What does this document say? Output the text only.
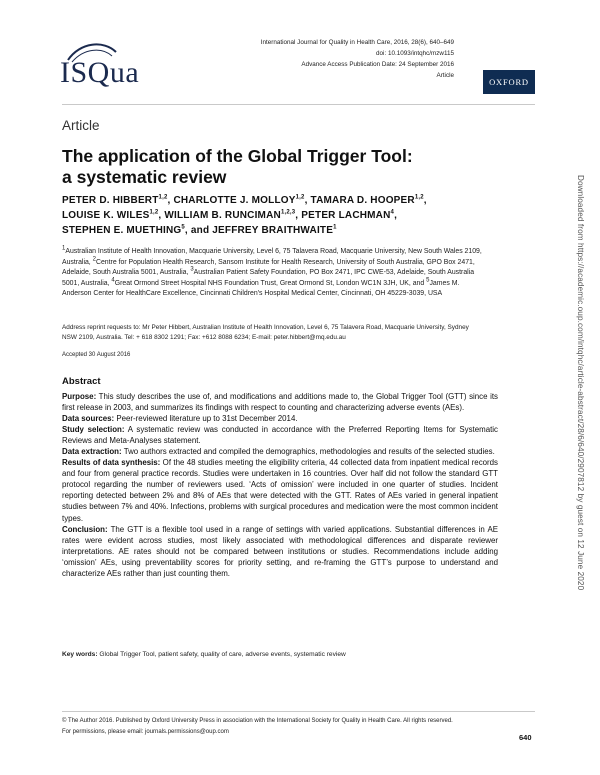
ISQua
International Journal for Quality in Health Care, 2016, 28(6), 640–649
doi: 10.1093/intqhc/mzw115
Advance Access Publication Date: 24 September 2016
Article
OXFORD
Article
The application of the Global Trigger Tool:
a systematic review
PETER D. HIBBERT$^{1,2}$, CHARLOTTE J. MOLLOY$^{1,2}$, TAMARA D. HOOPER$^{1,2}$,
LOUISE K. WILES$^{1,2}$, WILLIAM B. RUNCIMAN$^{1,2,3}$, PETER LACHMAN$^4$,
STEPHEN E. MUETHING$^5$, and JEFFREY BRAITHWAITE$^1$
$^1$Australian Institute of Health Innovation, Macquarie University, Level 6, 75 Talavera Road, Macquarie University, New South Wales 2109, Australia, $^2$Centre for Population Health Research, Sansom Institute for Health Research, University of South Australia, GPO Box 2471, Adelaide, South Australia 5001, Australia, $^3$Australian Patient Safety Foundation, PO Box 2471, IPC CWE-53, Adelaide, South Australia 5001, Australia, $^4$Great Ormond Street Hospital NHS Foundation Trust, Great Ormond St, London WC1N 3JH, UK, and $^5$James M. Anderson Center for HealthCare Excellence, Cincinnati Children's Hospital Medical Center, Cincinnati, OH 45229-3039, USA
Address reprint requests to: Mr Peter Hibbert, Australian Institute of Health Innovation, Level 6, 75 Talavera Road, Macquarie University, Sydney NSW 2109, Australia. Tel: + 618 8302 1291; Fax: +612 8088 6234; E-mail: peter.hibbert@mq.edu.au
Accepted 30 August 2016
Abstract

Purpose: This study describes the use of, and modifications and additions made to, the Global Trigger Tool (GTT) since its first release in 2003, and summarizes its findings with respect to counting and characterizing adverse events (AEs).

Data sources: Peer-reviewed literature up to 31st December 2014.

Study selection: A systematic review was conducted in accordance with the Preferred Reporting Items for Systematic Reviews and Meta-Analyses statement.

Data extraction: Two authors extracted and compiled the demographics, methodologies and results of the selected studies.

Results of data synthesis: Of the 48 studies meeting the eligibility criteria, 44 collected data from inpatient medical records and four from general practice records. Studies were undertaken in 16 countries. Over half did not follow the standard GTT protocol regarding the number of reviewers used. ‘Acts of omission’ were included in one quarter of studies. Incident reporting detected between 2% and 8% of AEs that were detected with the GTT. Rates of AEs varied in general inpatient studies between 7% and 40%. Infections, problems with surgical procedures and medication were the most common incident types.

Conclusion: The GTT is a flexible tool used in a range of settings with varied applications. Substantial differences in AE rates were evident across studies, most likely associated with methodological differences and disparate reviewer interpretations. AE rates should not be compared between institutions or studies. Recommendations include adding ‘omission’ AEs, using preventability scores for priority setting, and re-framing the GTT’s purpose to understand and characterize AEs rather than just counting them.

Key words: Global Trigger Tool, patient safety, quality of care, adverse events, systematic review
© The Author 2016. Published by Oxford University Press in association with the International Society for Quality in Health Care. All rights reserved.
For permissions, please email: journals.permissions@oup.com
640
Downloaded from https://academic.oup.com/intqhc/article-abstract/28/6/640/2907812 by guest on 12 June 2020
